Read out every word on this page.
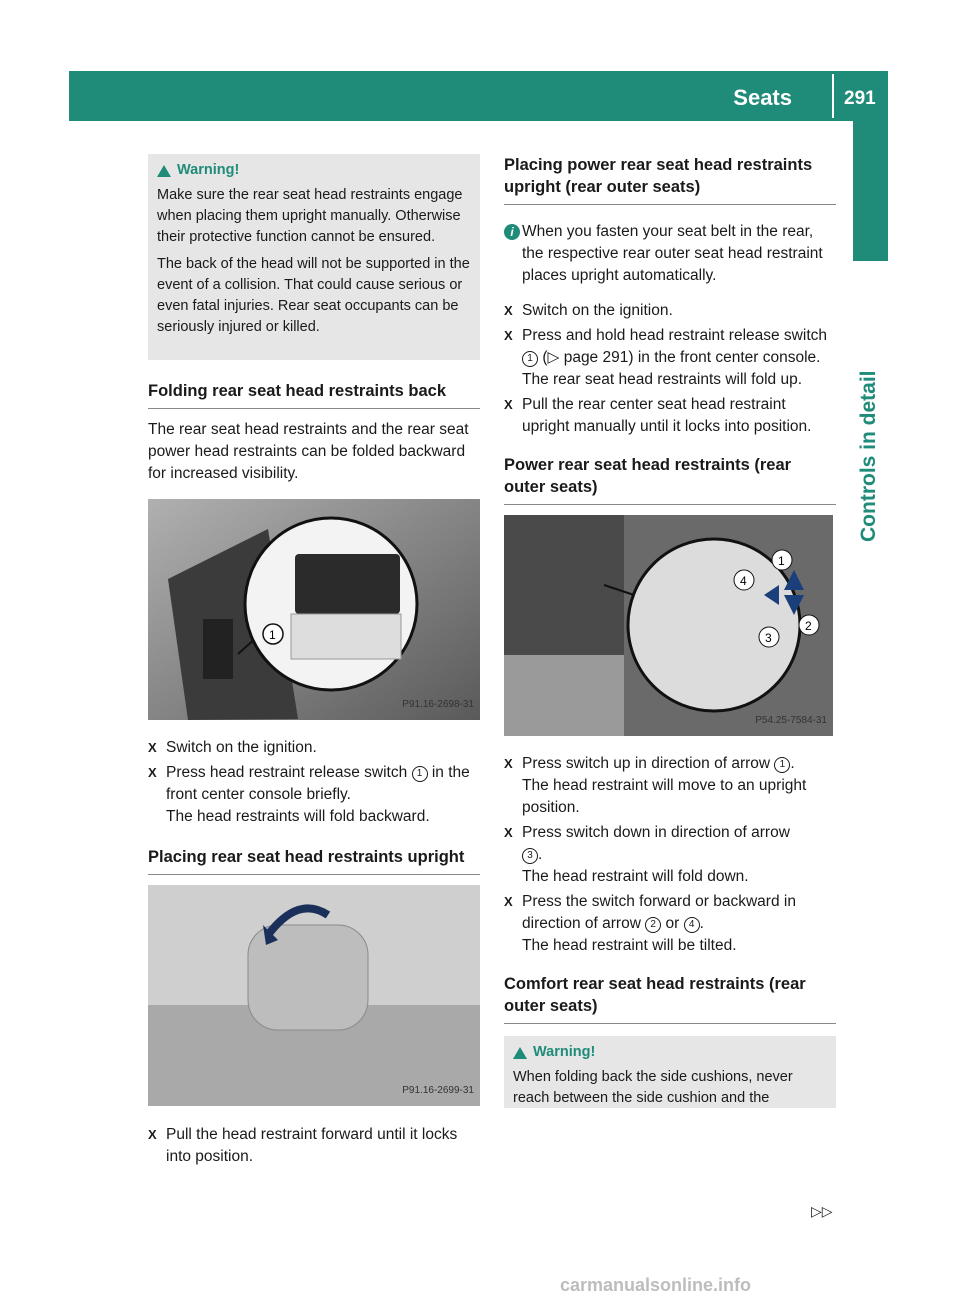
Seats	291
Controls in detail
Warning!

Make sure the rear seat head restraints engage when placing them upright manually. Otherwise their protective function cannot be ensured.

The back of the head will not be supported in the event of a collision. That could cause serious or even fatal injuries. Rear seat occupants can be seriously injured or killed.

Folding rear seat head restraints back
The rear seat head restraints and the rear seat power head restraints can be folded backward for increased visibility.
1
P91.16-2698-31
X Switch on the ignition.
X Press head restraint release switch 1 in the front center console briefly.
The head restraints will fold backward.
Placing rear seat head restraints upright
P91.16-2699-31
X Pull the head restraint forward until it locks into position.
Placing power rear seat head restraints upright (rear outer seats)
i When you fasten your seat belt in the rear, the respective rear outer seat head restraint places upright automatically.
X Switch on the ignition.
X Press and hold head restraint release switch 1 (▷ page 291) in the front center console.
The rear seat head restraints will fold up.
X Pull the rear center seat head restraint upright manually until it locks into position.
Power rear seat head restraints (rear outer seats)
1
2
3
4
P54.25-7584-31
X Press switch up in direction of arrow 1 .
The head restraint will move to an upright position.
X Press switch down in direction of arrow
3 .
The head restraint will fold down.
X Press the switch forward or backward in direction of arrow 2 or 4 .
The head restraint will be tilted.
Comfort rear seat head restraints (rear outer seats)
Warning!
When folding back the side cushions, never reach between the side cushion and the
▷▷
carmanualsonline.info
